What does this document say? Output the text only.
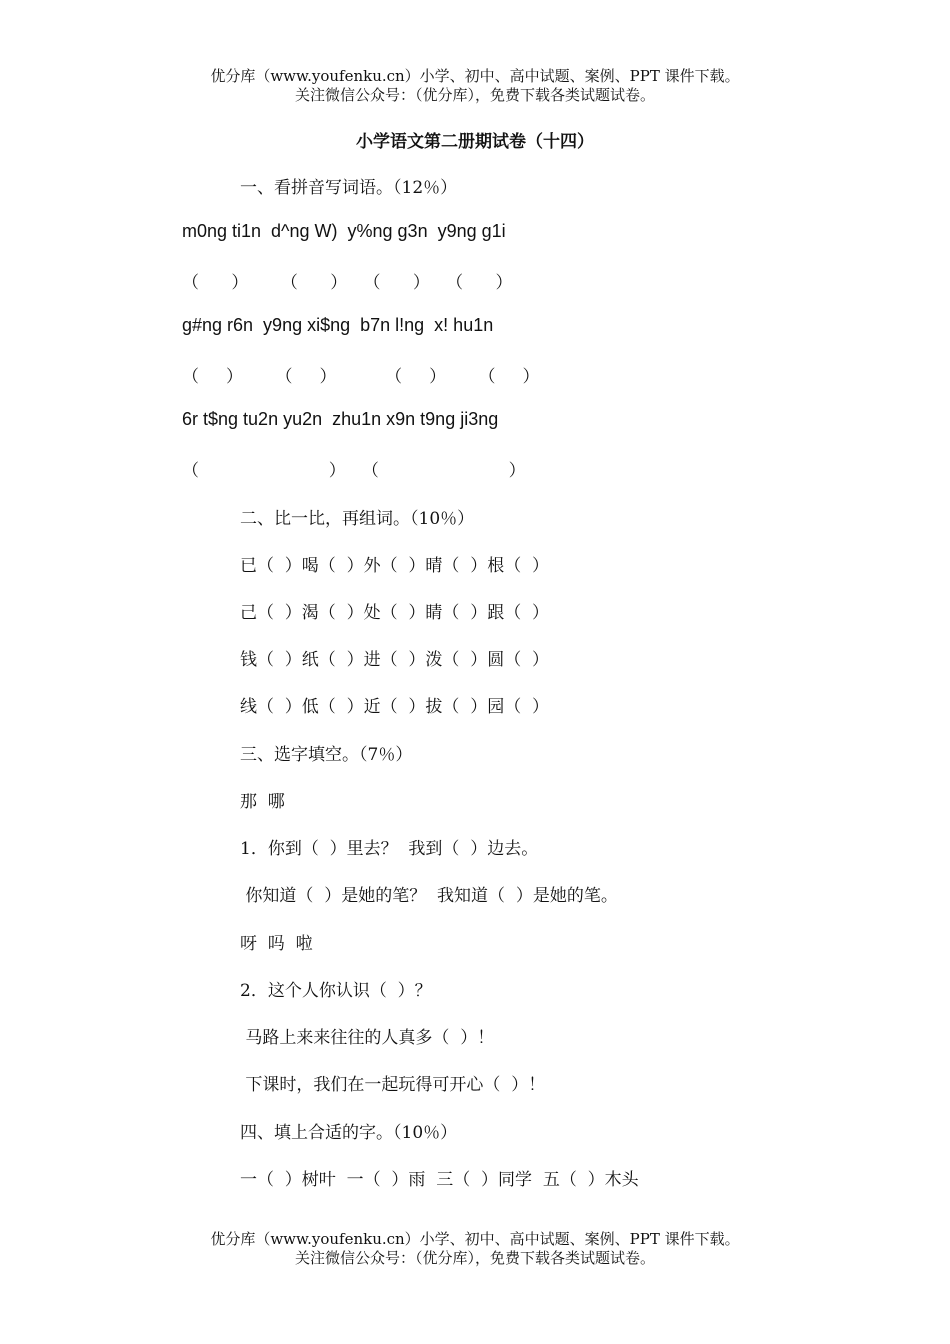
优分库（www.youfenku.cn）小学、初中、高中试题、案例、PPT 课件下载。
关注微信公众号：（优分库），免费下载各类试题试卷。
小学语文第二册期试卷（十四）
一、看拼音写词语。（12％）
m0ng ti1n  d^ng W)  y%ng g3n  y9ng g1i
（      ）      （      ）   （      ）   （      ）
g#ng r6n  y9ng xi$ng  b7n l!ng  x! hu1n
（     ）      （     ）         （     ）      （     ）
6r t$ng tu2n yu2n  zhu1n x9n t9ng ji3ng
（                        ）   （                        ）
二、比一比，再组词。（10％）
已（  ）喝（  ）外（  ）晴（  ）根（  ）
己（  ）渴（  ）处（  ）睛（  ）跟（  ）
钱（  ）纸（  ）进（  ）泼（  ）圆（  ）
线（  ）低（  ）近（  ）拔（  ）园（  ）
三、选字填空。（7％）
那  哪
1．你到（  ）里去？  我到（  ）边去。
你知道（  ）是她的笔？  我知道（  ）是她的笔。
呀  吗  啦
2．这个人你认识（  ）？
马路上来来往往的人真多（  ）！
下课时，我们在一起玩得可开心（  ）！
四、填上合适的字。（10％）
一（  ）树叶  一（  ）雨  三（  ）同学  五（  ）木头
优分库（www.youfenku.cn）小学、初中、高中试题、案例、PPT 课件下载。
关注微信公众号：（优分库），免费下载各类试题试卷。
